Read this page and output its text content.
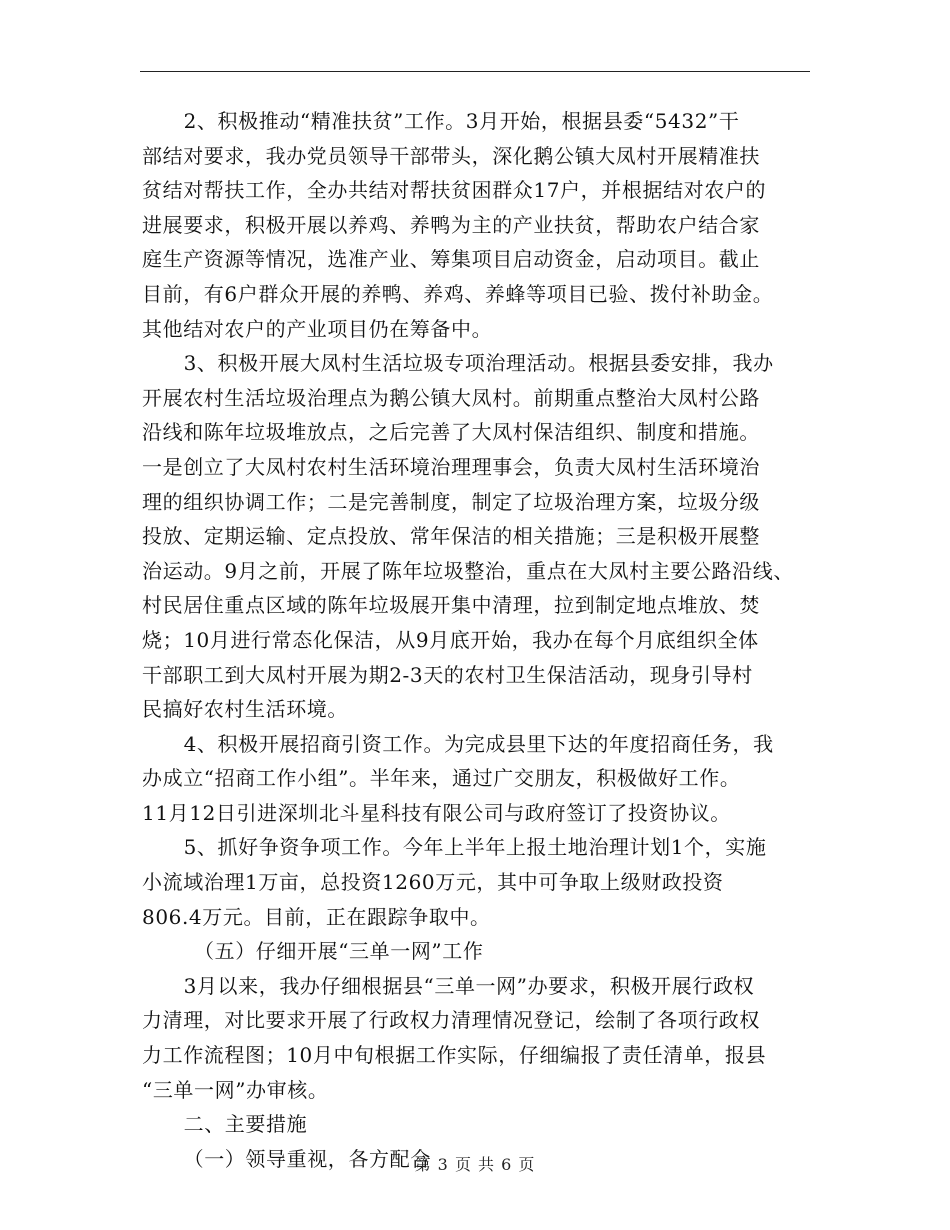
2、积极推动“精准扶贫”工作。3月开始，根据县委“5432”干
部结对要求，我办党员领导干部带头，深化鹅公镇大凤村开展精准扶
贫结对帮扶工作，全办共结对帮扶贫困群众17户，并根据结对农户的
进展要求，积极开展以养鸡、养鸭为主的产业扶贫，帮助农户结合家
庭生产资源等情况，选准产业、筹集项目启动资金，启动项目。截止
目前，有6户群众开展的养鸭、养鸡、养蜂等项目已验、拨付补助金。
其他结对农户的产业项目仍在筹备中。
3、积极开展大凤村生活垃圾专项治理活动。根据县委安排，我办
开展农村生活垃圾治理点为鹅公镇大凤村。前期重点整治大凤村公路
沿线和陈年垃圾堆放点，之后完善了大凤村保洁组织、制度和措施。
一是创立了大凤村农村生活环境治理理事会，负责大凤村生活环境治
理的组织协调工作；二是完善制度，制定了垃圾治理方案，垃圾分级
投放、定期运输、定点投放、常年保洁的相关措施；三是积极开展整
治运动。9月之前，开展了陈年垃圾整治，重点在大凤村主要公路沿线、
村民居住重点区域的陈年垃圾展开集中清理，拉到制定地点堆放、焚
烧；10月进行常态化保洁，从9月底开始，我办在每个月底组织全体
干部职工到大凤村开展为期2-3天的农村卫生保洁活动，现身引导村
民搞好农村生活环境。
4、积极开展招商引资工作。为完成县里下达的年度招商任务，我
办成立“招商工作小组”。半年来，通过广交朋友，积极做好工作。
11月12日引进深圳北斗星科技有限公司与政府签订了投资协议。
5、抓好争资争项工作。今年上半年上报土地治理计划1个，实施
小流域治理1万亩，总投资1260万元，其中可争取上级财政投资
806.4万元。目前，正在跟踪争取中。
（五）仔细开展“三单一网”工作
3月以来，我办仔细根据县“三单一网”办要求，积极开展行政权
力清理，对比要求开展了行政权力清理情况登记，绘制了各项行政权
力工作流程图；10月中旬根据工作实际，仔细编报了责任清单，报县
“三单一网”办审核。
二、主要措施
（一）领导重视，各方配合
第 3 页 共 6 页
